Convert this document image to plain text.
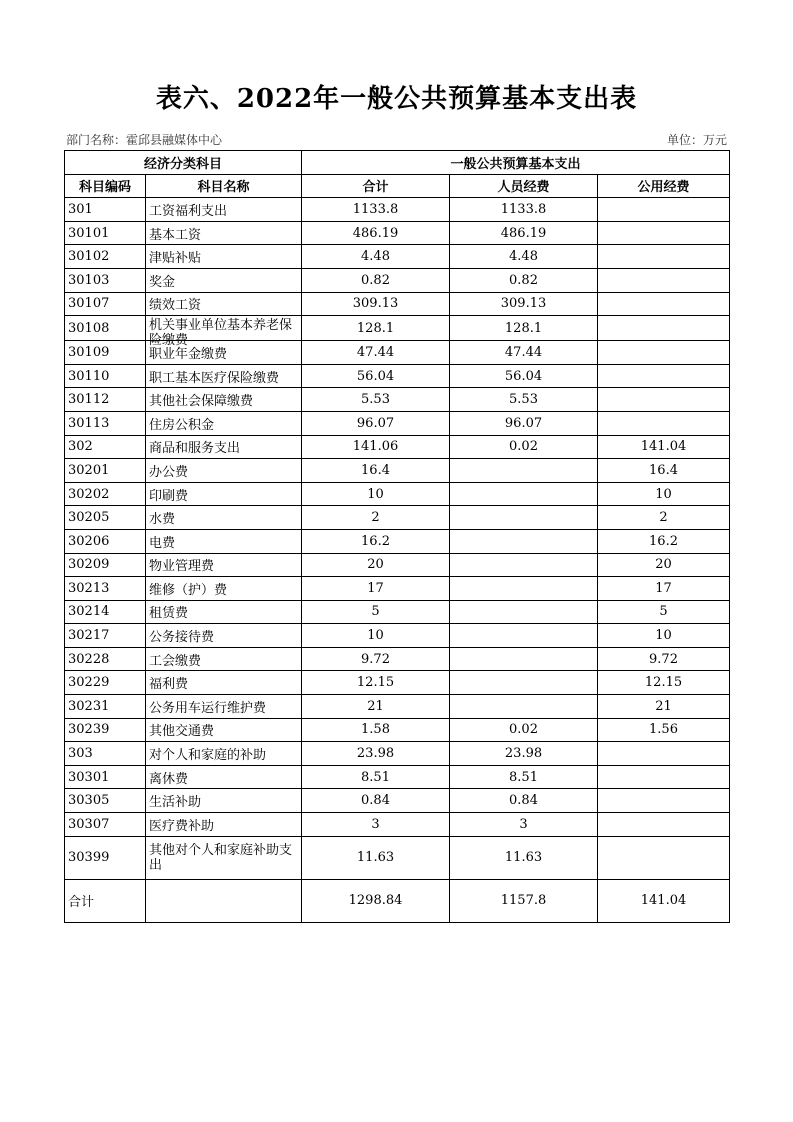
表六、2022年一般公共预算基本支出表
部门名称：霍邱县融媒体中心	单位：万元
经济分类科目		一般公共预算基本支出		
科目编码	科目名称	合计	人员经费	公用经费
301	工资福利支出	1133.8	1133.8	
30101	基本工资	486.19	486.19	
30102	津贴补贴	4.48	4.48	
30103	奖金	0.82	0.82	
30107	绩效工资	309.13	309.13	
30108	机关事业单位基本养老保险缴费	128.1	128.1	
30109	职业年金缴费	47.44	47.44	
30110	职工基本医疗保险缴费	56.04	56.04	
30112	其他社会保障缴费	5.53	5.53	
30113	住房公积金	96.07	96.07	
302	商品和服务支出	141.06	0.02	141.04
30201	办公费	16.4		16.4
30202	印刷费	10		10
30205	水费	2		2
30206	电费	16.2		16.2
30209	物业管理费	20		20
30213	维修（护）费	17		17
30214	租赁费	5		5
30217	公务接待费	10		10
30228	工会缴费	9.72		9.72
30229	福利费	12.15		12.15
30231	公务用车运行维护费	21		21
30239	其他交通费	1.58	0.02	1.56
303	对个人和家庭的补助	23.98	23.98	
30301	离休费	8.51	8.51	
30305	生活补助	0.84	0.84	
30307	医疗费补助	3	3	
30399	其他对个人和家庭补助支出	11.63	11.63	
合计		1298.84	1157.8	141.04
